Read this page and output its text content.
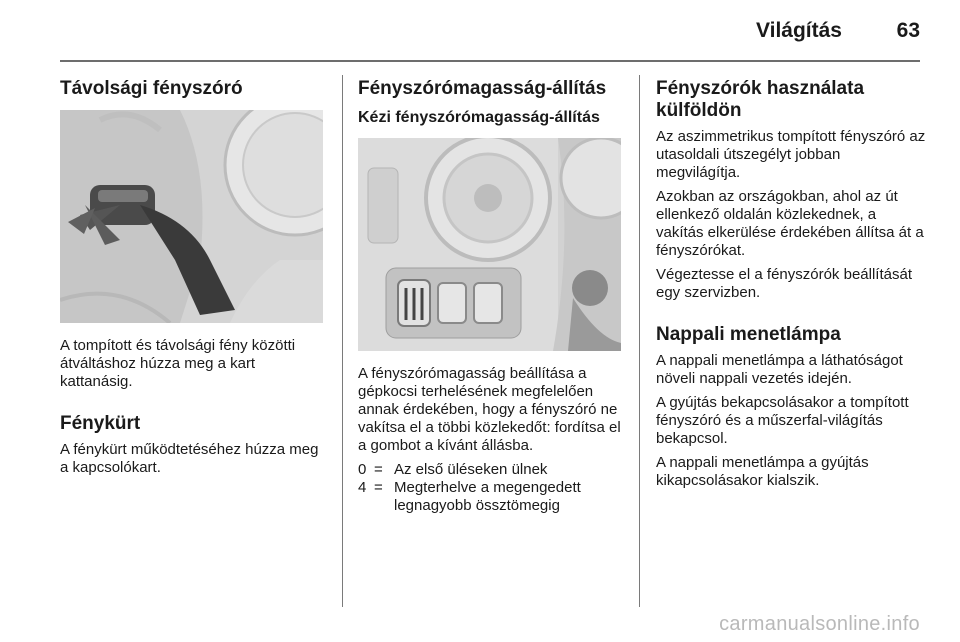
Világítás	63
Távolsági fényszóró

A tompított és távolsági fény közötti átváltáshoz húzza meg a kart kattanásig.

Fénykürt

A fénykürt működtetéséhez húzza meg a kapcsolókart.

Fényszórómagasság-állítás
Kézi fényszórómagasság-állítás

A fényszórómagasság beállítása a gépkocsi terhelésének megfelelően annak érdekében, hogy a fényszóró ne vakítsa el a többi közlekedőt: fordítsa el a gombot a kívánt állásba.

0 = Az első üléseken ülnek
4 = Megterhelve a megengedett legnagyobb össztömegig
Fényszórók használata külföldön

Az aszimmetrikus tompított fényszóró az utasoldali útszegélyt jobban megvilágítja.

Azokban az országokban, ahol az út ellenkező oldalán közlekednek, a vakítás elkerülése érdekében állítsa át a fényszórókat.

Végeztesse el a fényszórók beállítását egy szervizben.

Nappali menetlámpa

A nappali menetlámpa a láthatóságot növeli nappali vezetés idején.

A gyújtás bekapcsolásakor a tompított fényszóró és a műszerfal-világítás bekapcsol.

A nappali menetlámpa a gyújtás kikapcsolásakor kialszik.

carmanualsonline.info
